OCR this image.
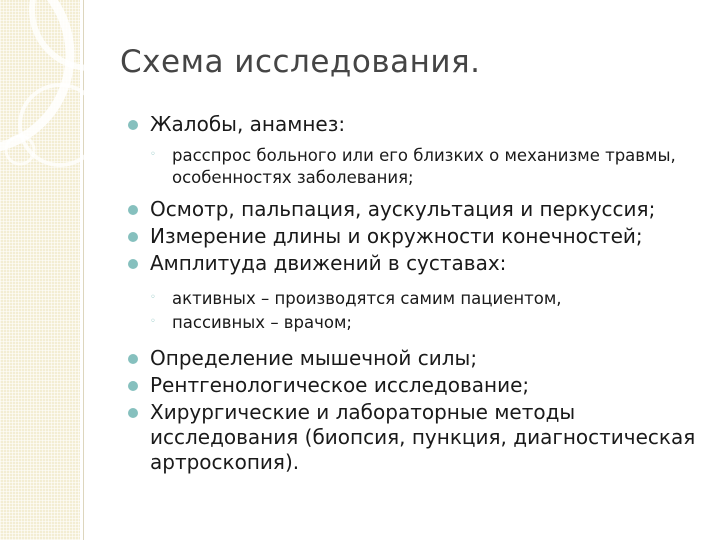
Схема исследования.
Жалобы, анамнез:
◦ расспрос больного или его близких о механизме травмы, особенностях заболевания;
Осмотр, пальпация, аускультация и перкуссия;
Измерение длины и окружности конечностей;
Амплитуда движений в суставах:
◦ активных – производятся самим пациентом,
◦ пассивных – врачом;
Определение мышечной силы;
Рентгенологическое исследование;
Хирургические и лабораторные методы исследования (биопсия, пункция, диагностическая артроскопия).
